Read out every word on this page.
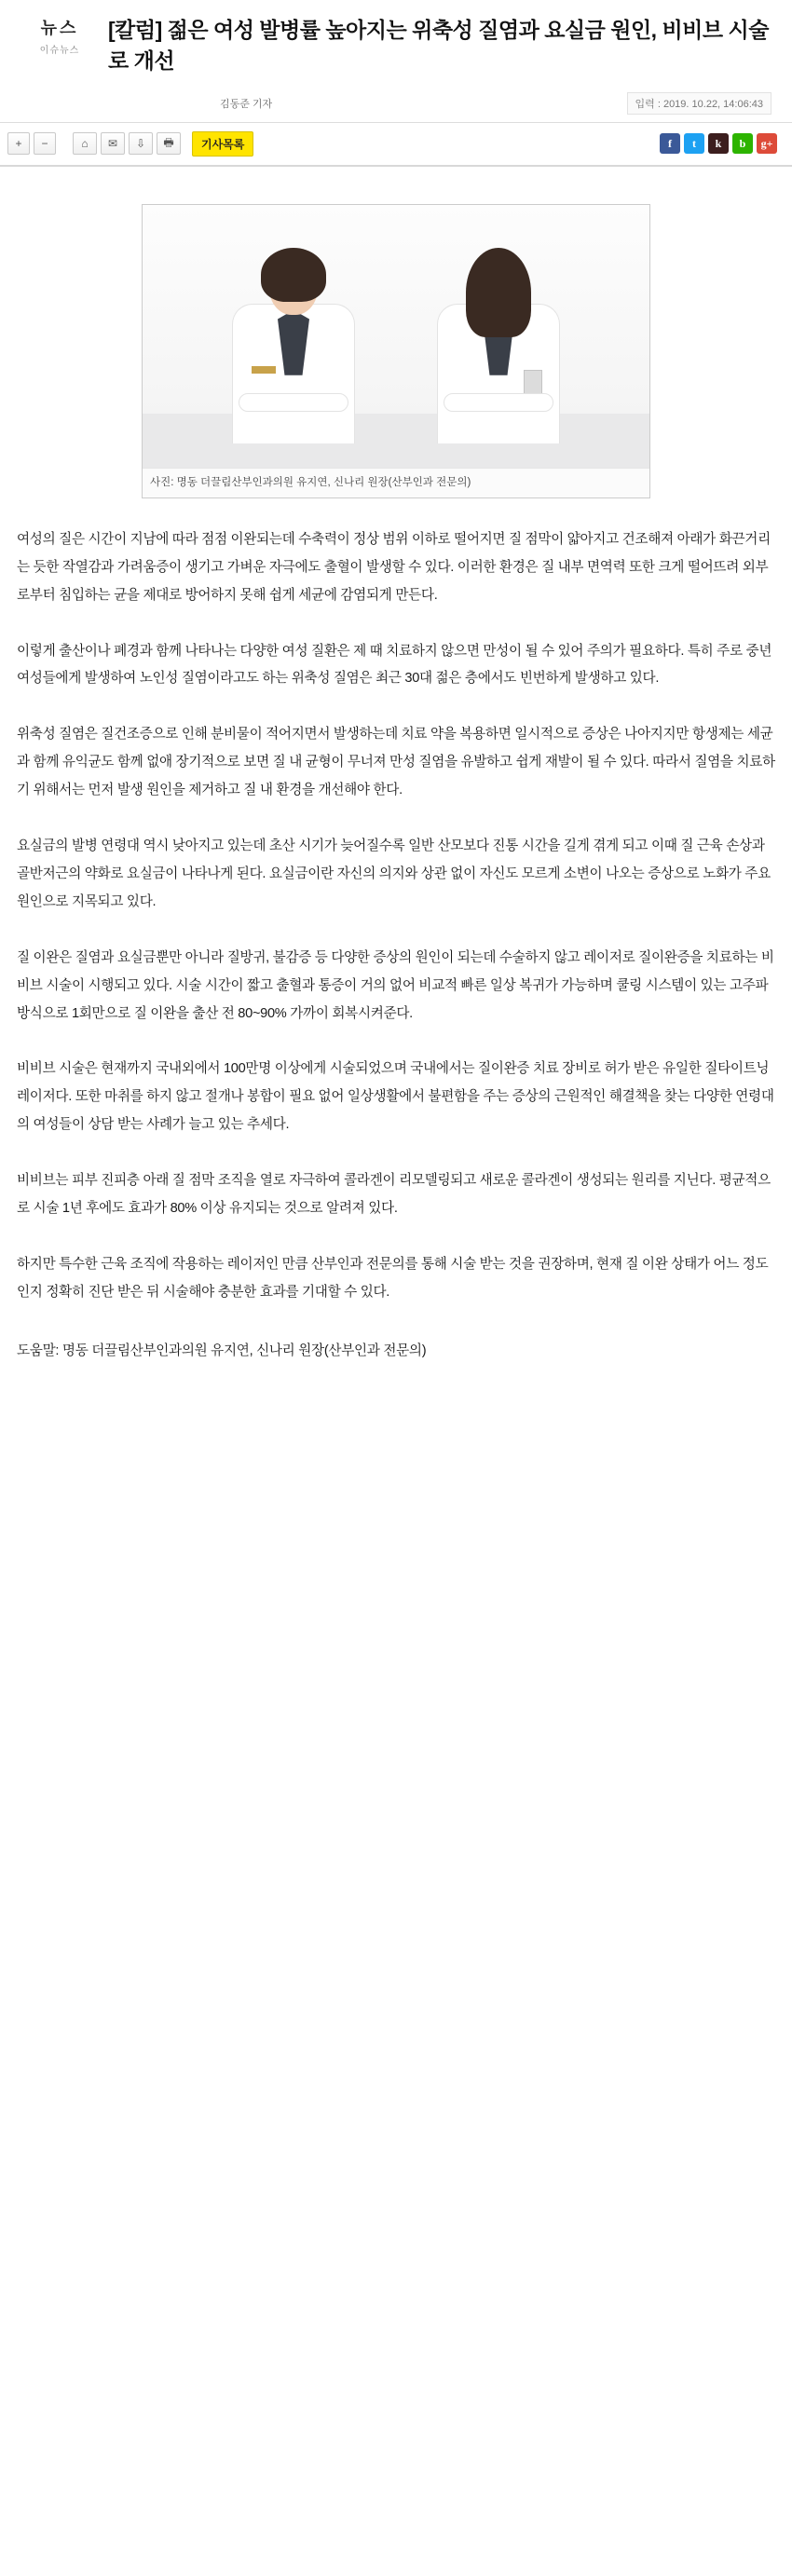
뉴스
이슈뉴스
[칼럼] 젊은 여성 발병률 높아지는 위축성 질염과 요실금 원인, 비비브 시술로 개선
김동준 기자	입력 : 2019. 10.22, 14:06:43
+	−	⌂	✉	⇩	🖶	기사목록	f	t	k	b	g+
사진: 명동 더끌림산부인과의원 유지연, 신나리 원장(산부인과 전문의)

여성의 질은 시간이 지남에 따라 점점 이완되는데 수축력이 정상 범위 이하로 떨어지면 질 점막이 얇아지고 건조해져 아래가 화끈거리는 듯한 작열감과 가려움증이 생기고 가벼운 자극에도 출혈이 발생할 수 있다. 이러한 환경은 질 내부 면역력 또한 크게 떨어뜨려 외부로부터 침입하는 균을 제대로 방어하지 못해 쉽게 세균에 감염되게 만든다.

이렇게 출산이나 폐경과 함께 나타나는 다양한 여성 질환은 제 때 치료하지 않으면 만성이 될 수 있어 주의가 필요하다. 특히 주로 중년 여성들에게 발생하여 노인성 질염이라고도 하는 위축성 질염은 최근 30대 젊은 층에서도 빈번하게 발생하고 있다.

위축성 질염은 질건조증으로 인해 분비물이 적어지면서 발생하는데 치료 약을 복용하면 일시적으로 증상은 나아지지만 항생제는 세균과 함께 유익균도 함께 없애 장기적으로 보면 질 내 균형이 무너져 만성 질염을 유발하고 쉽게 재발이 될 수 있다. 따라서 질염을 치료하기 위해서는 먼저 발생 원인을 제거하고 질 내 환경을 개선해야 한다.

요실금의 발병 연령대 역시 낮아지고 있는데 초산 시기가 늦어질수록 일반 산모보다 진통 시간을 길게 겪게 되고 이때 질 근육 손상과 골반저근의 약화로 요실금이 나타나게 된다. 요실금이란 자신의 의지와 상관 없이 자신도 모르게 소변이 나오는 증상으로 노화가 주요 원인으로 지목되고 있다.

질 이완은 질염과 요실금뿐만 아니라 질방귀, 불감증 등 다양한 증상의 원인이 되는데 수술하지 않고 레이저로 질이완증을 치료하는 비비브 시술이 시행되고 있다. 시술 시간이 짧고 출혈과 통증이 거의 없어 비교적 빠른 일상 복귀가 가능하며 쿨링 시스템이 있는 고주파 방식으로 1회만으로 질 이완을 출산 전 80~90% 가까이 회복시켜준다.

비비브 시술은 현재까지 국내외에서 100만명 이상에게 시술되었으며 국내에서는 질이완증 치료 장비로 허가 받은 유일한 질타이트닝 레이저다. 또한 마취를 하지 않고 절개나 봉합이 필요 없어 일상생활에서 불편함을 주는 증상의 근원적인 해결책을 찾는 다양한 연령대의 여성들이 상담 받는 사례가 늘고 있는 추세다.

비비브는 피부 진피층 아래 질 점막 조직을 열로 자극하여 콜라겐이 리모델링되고 새로운 콜라겐이 생성되는 원리를 지닌다. 평균적으로 시술 1년 후에도 효과가 80% 이상 유지되는 것으로 알려져 있다.

하지만 특수한 근육 조직에 작용하는 레이저인 만큼 산부인과 전문의를 통해 시술 받는 것을 권장하며, 현재 질 이완 상태가 어느 정도인지 정확히 진단 받은 뒤 시술해야 충분한 효과를 기대할 수 있다.

도움말: 명동 더끌림산부인과의원 유지연, 신나리 원장(산부인과 전문의)
